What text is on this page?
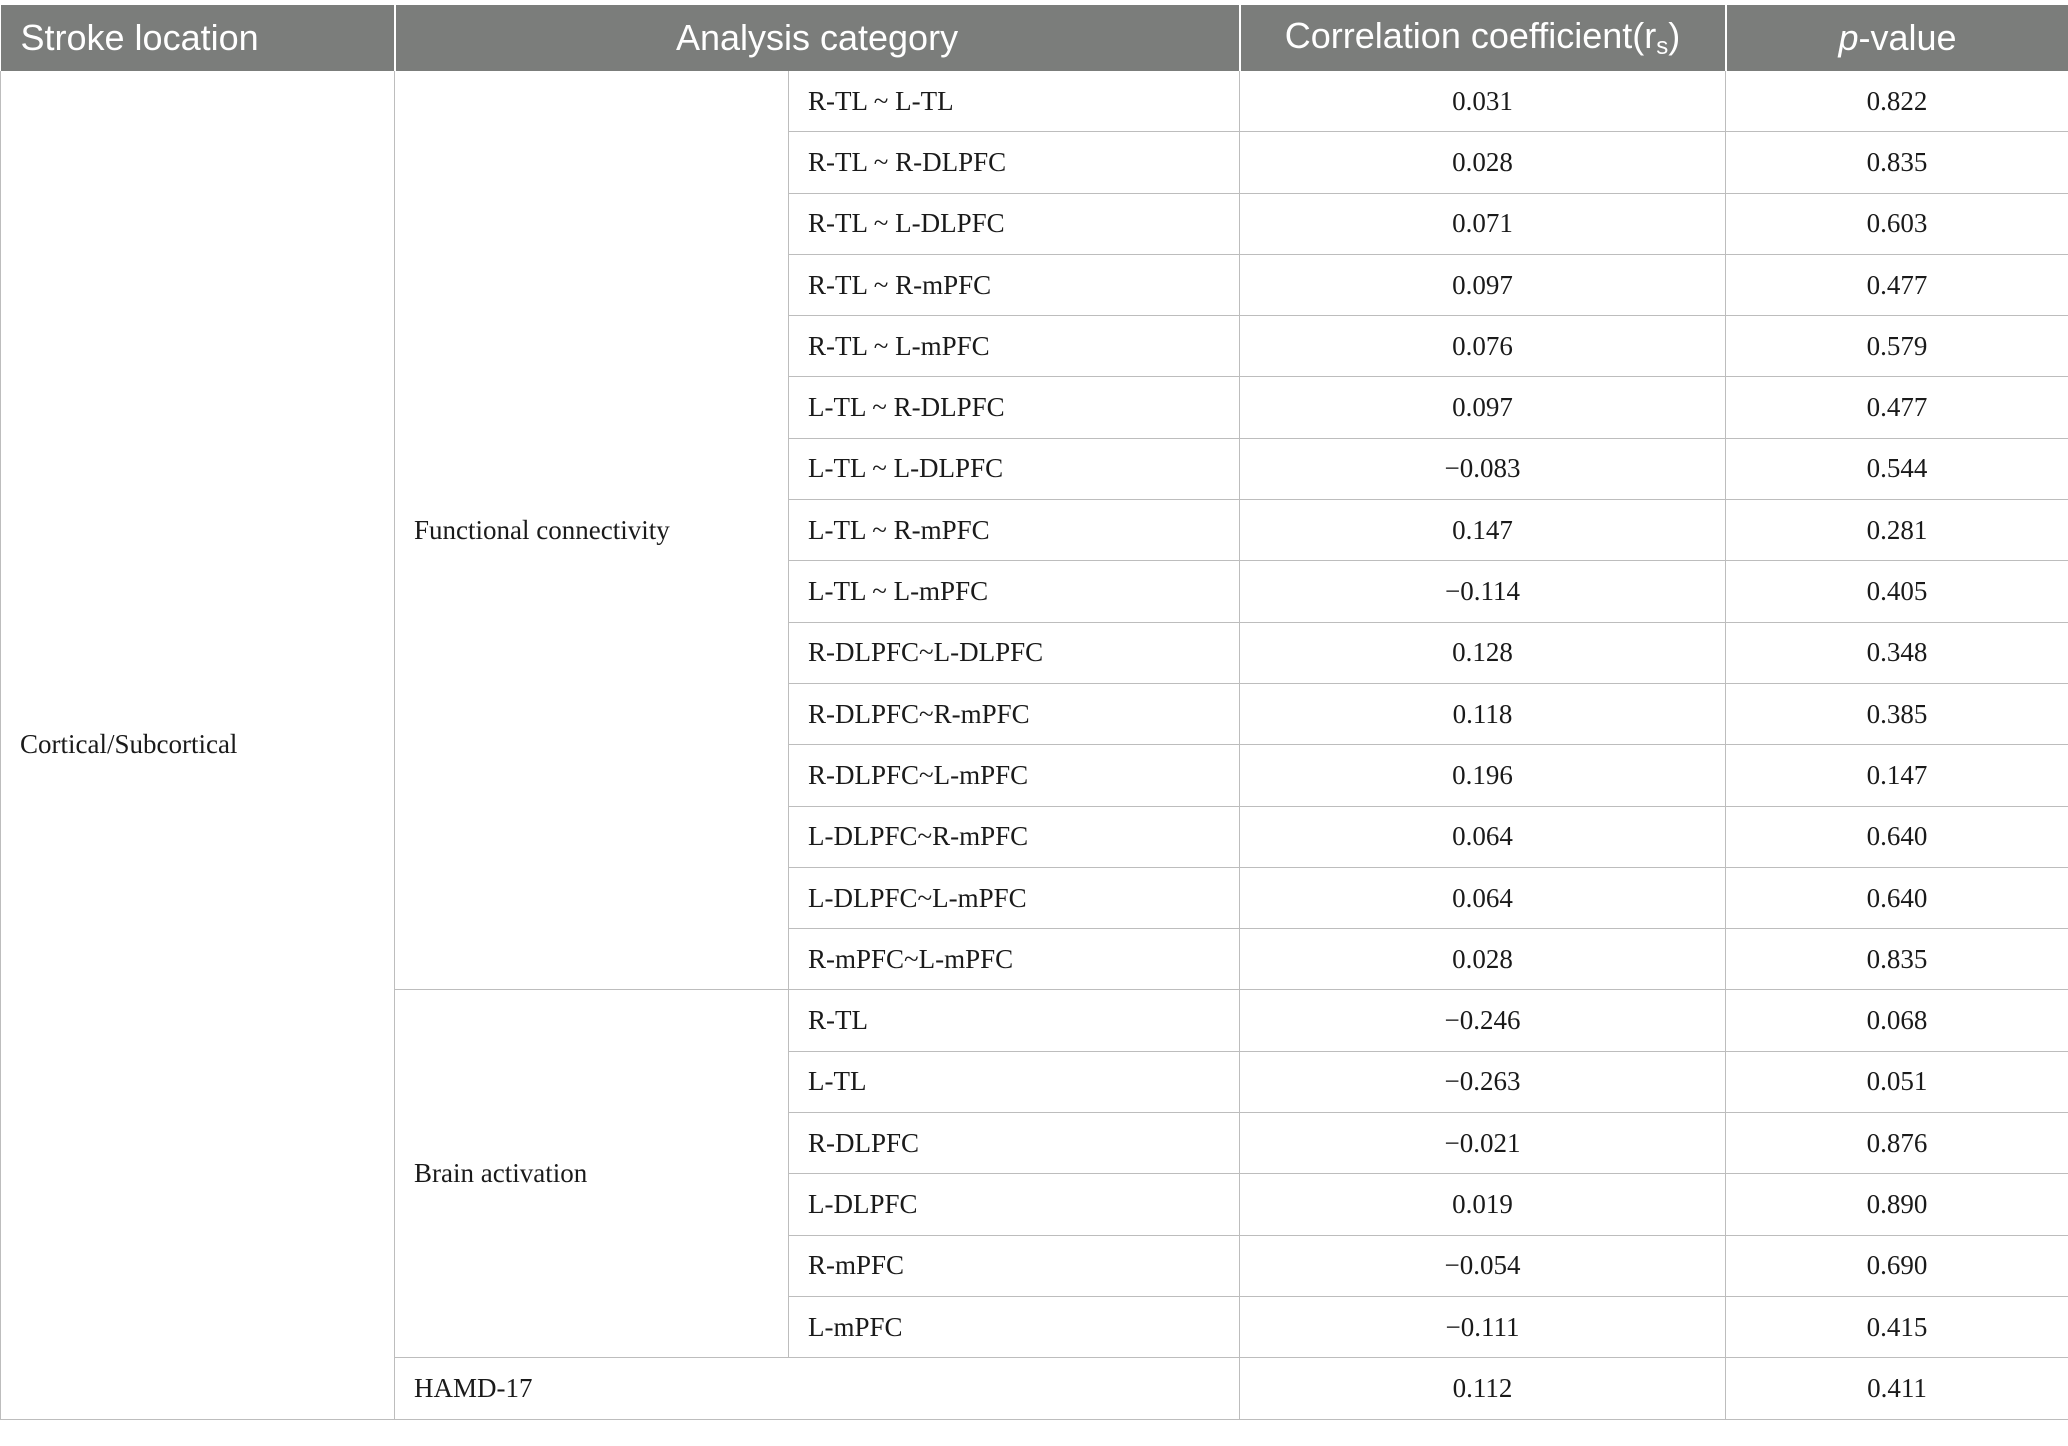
Stroke location	Analysis category		Correlation $coefficient(r_s)$	p-value
Cortical/Subcortical	Functional connectivity	R-TL ~ L-TL	0.031	0.822
		R-TL ~ R-DLPFC	0.028	0.835
		R-TL ~ L-DLPFC	0.071	0.603
		R-TL ~ R-mPFC	0.097	0.477
		R-TL ~ L-mPFC	0.076	0.579
		L-TL ~ R-DLPFC	0.097	0.477
		L-TL ~ L-DLPFC	−0.083	0.544
		L-TL ~ R-mPFC	0.147	0.281
		L-TL ~ L-mPFC	−0.114	0.405
		R-DLPFC~L-DLPFC	0.128	0.348
		R-DLPFC~R-mPFC	0.118	0.385
		R-DLPFC~L-mPFC	0.196	0.147
		L-DLPFC~R-mPFC	0.064	0.640
		L-DLPFC~L-mPFC	0.064	0.640
		R-mPFC~L-mPFC	0.028	0.835
	Brain activation	R-TL	−0.246	0.068
		L-TL	−0.263	0.051
		R-DLPFC	−0.021	0.876
		L-DLPFC	0.019	0.890
		R-mPFC	−0.054	0.690
		L-mPFC	−0.111	0.415
	HAMD-17		0.112	0.411
